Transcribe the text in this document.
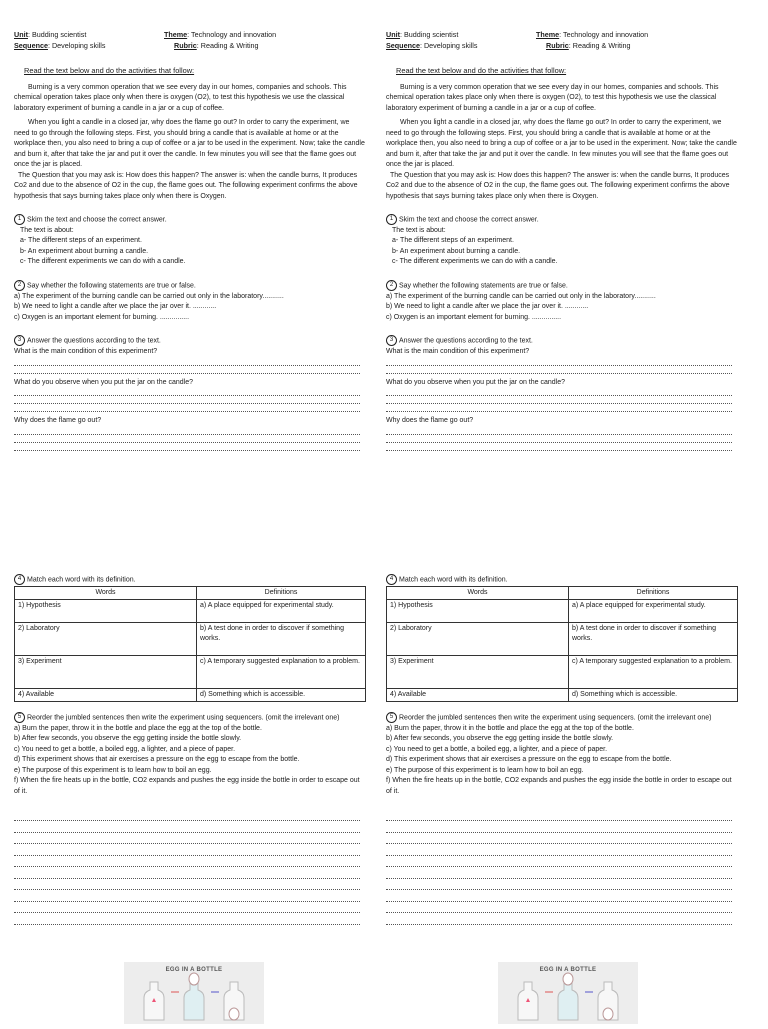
Unit: Budding scientist
Sequence: Developing skills
Theme: Technology and innovation
Rubric: Reading & Writing
Read the text below and do the activities that follow:
Burning is a very common operation that we see every day in our homes, companies and schools. This chemical operation takes place only when there is oxygen (O2), to test this hypothesis we use the classical laboratory experiment of burning a candle in a jar or a cup of coffee.
When you light a candle in a closed jar, why does the flame go out? In order to carry the experiment, we need to go through the following steps. First, you should bring a candle that is available at home or at the workplace then, you also need to bring a cup of coffee or a jar to be used in the experiment. Now; take the candle and burn it, after that take the jar and put it over the candle. In few minutes you will see that the flame goes out once the jar is placed.
The Question that you may ask is: How does this happen? The answer is: when the candle burns, It produces Co2 and due to the absence of O2 in the cup, the flame goes out. The following experiment confirms the above hypothesis that says burning takes place only when there is Oxygen.
1 Skim the text and choose the correct answer.
The text is about:
a- The different steps of an experiment.
b- An experiment about burning a candle.
c- The different experiments we can do with a candle.
2 Say whether the following statements are true or false.
a) The experiment of the burning candle can be carried out only in the laboratory...........
b) We need to light a candle after we place the jar over it. ............
c) Oxygen is an important element for burning. ...............
3 Answer the questions according to the text.
What is the main condition of this experiment?
What do you observe when you put the jar on the candle?
Why does the flame go out?
4 Match each word with its definition.
Words	Definitions
1) Hypothesis	a) A place equipped for experimental study.
2) Laboratory	b) A test done in order to discover if something works.
3) Experiment	c) A temporary suggested explanation to a problem.
4) Available	d) Something which is accessible.
5 Reorder the jumbled sentences then write the experiment using sequencers. (omit the irrelevant one)
a) Burn the paper, throw it in the bottle and place the egg at the top of the bottle.
b) After few seconds, you observe the egg getting inside the bottle slowly.
c) You need to get a bottle, a boiled egg, a lighter, and a piece of paper.
d) This experiment shows that air exercises a pressure on the egg to escape from the bottle.
e) The purpose of this experiment is to learn how to boil an egg.
f) When the fire heats up in the bottle, CO2 expands and pushes the egg inside the bottle in order to escape out of it.
EGG IN A BOTTLE
Unit: Budding scientist
Sequence: Developing skills
Theme: Technology and innovation
Rubric: Reading & Writing
Read the text below and do the activities that follow:
Burning is a very common operation that we see every day in our homes, companies and schools. This chemical operation takes place only when there is oxygen (O2), to test this hypothesis we use the classical laboratory experiment of burning a candle in a jar or a cup of coffee.
When you light a candle in a closed jar, why does the flame go out? In order to carry the experiment, we need to go through the following steps. First, you should bring a candle that is available at home or at the workplace then, you also need to bring a cup of coffee or a jar to be used in the experiment. Now; take the candle and burn it, after that take the jar and put it over the candle. In few minutes you will see that the flame goes out once the jar is placed.
The Question that you may ask is: How does this happen? The answer is: when the candle burns, It produces Co2 and due to the absence of O2 in the cup, the flame goes out. The following experiment confirms the above hypothesis that says burning takes place only when there is Oxygen.
1 Skim the text and choose the correct answer.
The text is about:
a- The different steps of an experiment.
b- An experiment about burning a candle.
c- The different experiments we can do with a candle.
2 Say whether the following statements are true or false.
a) The experiment of the burning candle can be carried out only in the laboratory...........
b) We need to light a candle after we place the jar over it. ............
c) Oxygen is an important element for burning. ...............
3 Answer the questions according to the text.
What is the main condition of this experiment?
What do you observe when you put the jar on the candle?
Why does the flame go out?
4 Match each word with its definition.
Words	Definitions
1) Hypothesis	a) A place equipped for experimental study.
2) Laboratory	b) A test done in order to discover if something works.
3) Experiment	c) A temporary suggested explanation to a problem.
4) Available	d) Something which is accessible.
5 Reorder the jumbled sentences then write the experiment using sequencers. (omit the irrelevant one)
a) Burn the paper, throw it in the bottle and place the egg at the top of the bottle.
b) After few seconds, you observe the egg getting inside the bottle slowly.
c) You need to get a bottle, a boiled egg, a lighter, and a piece of paper.
d) This experiment shows that air exercises a pressure on the egg to escape from the bottle.
e) The purpose of this experiment is to learn how to boil an egg.
f) When the fire heats up in the bottle, CO2 expands and pushes the egg inside the bottle in order to escape out of it.
EGG IN A BOTTLE
